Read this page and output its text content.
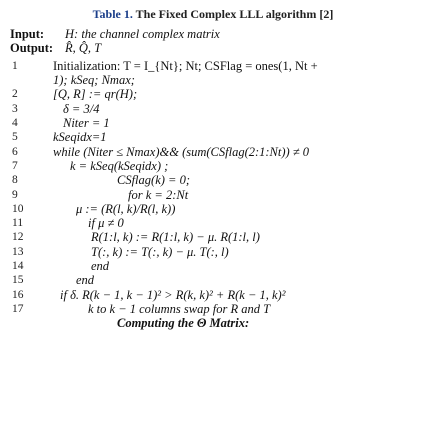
Table 1. The Fixed Complex LLL algorithm [2]
Input: H: the channel complex matrix
Output: R̂, Q̂, T
1	Initialization: T = I_{Nt}; Nt; CSFlag = ones(1, Nt +
1); kSeq; Nmax;
2	[Q, R] := qr(H);
3	δ = 3/4
4	Niter = 1
5	kSeqidx=1
6	while (Niter ≤ Nmax)&& (sum(CSflag(2:1:Nt)) ≠ 0
7	k = kSeq(kSeqidx) ;
8	CSflag(k) = 0;
9	for k = 2:Nt
10	μ := (R(l, k)/R(l, k))
11	if μ ≠ 0
12	R(1:l, k) := R(1:l, k) − μ. R(1:l, l)
13	T(:, k) := T(:, k) − μ. T(:, l)
14	end
15	end
16	if δ. R(k − 1, k − 1)² > R(k, k)² + R(k − 1, k)²
17	k to k − 1 columns swap for R and T
Computing the Θ Matrix:
